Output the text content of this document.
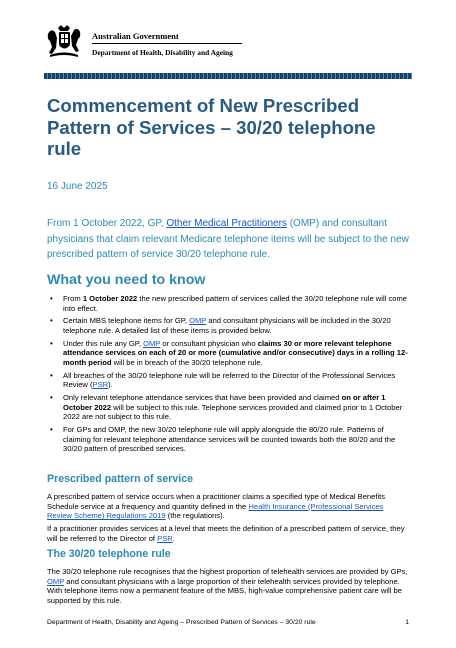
Australian Government
Department of Health, Disability and Ageing
Commencement of New Prescribed Pattern of Services – 30/20 telephone rule
16 June 2025

From 1 October 2022, GP, Other Medical Practitioners (OMP) and consultant physicians that claim relevant Medicare telephone items will be subject to the new prescribed pattern of service 30/20 telephone rule.

What you need to know
• From 1 October 2022 the new prescribed pattern of services called the 30/20 telephone rule will come into effect.
• Certain MBS telephone items for GP, OMP and consultant physicians will be included in the 30/20 telephone rule. A detailed list of these items is provided below.
• Under this rule any GP, OMP or consultant physician who claims 30 or more relevant telephone attendance services on each of 20 or more (cumulative and/or consecutive) days in a rolling 12-month period will be in breach of the 30/20 telephone rule.
• All breaches of the 30/20 telephone rule will be referred to the Director of the Professional Services Review (PSR).
• Only relevant telephone attendance services that have been provided and claimed on or after 1 October 2022 will be subject to this rule. Telephone services provided and claimed prior to 1 October 2022 are not subject to this rule.
• For GPs and OMP, the new 30/20 telephone rule will apply alongside the 80/20 rule. Patterns of claiming for relevant telephone attendance services will be counted towards both the 80/20 and the 30/20 pattern of prescribed services.
Prescribed pattern of service

A prescribed pattern of service occurs when a practitioner claims a specified type of Medical Benefits Schedule service at a frequency and quantity defined in the Health Insurance (Professional Services Review Scheme) Regulations 2019 (the regulations).

If a practitioner provides services at a level that meets the definition of a prescribed pattern of service, they will be referred to the Director of PSR.

The 30/20 telephone rule

The 30/20 telephone rule recognises that the highest proportion of telehealth services are provided by GPs, OMP and consultant physicians with a large proportion of their telehealth services provided by telephone. With telephone items now a permanent feature of the MBS, high-value comprehensive patient care will be supported by this rule.

Department of Health, Disability and Ageing – Prescribed Pattern of Services – 30/20 rule	1
